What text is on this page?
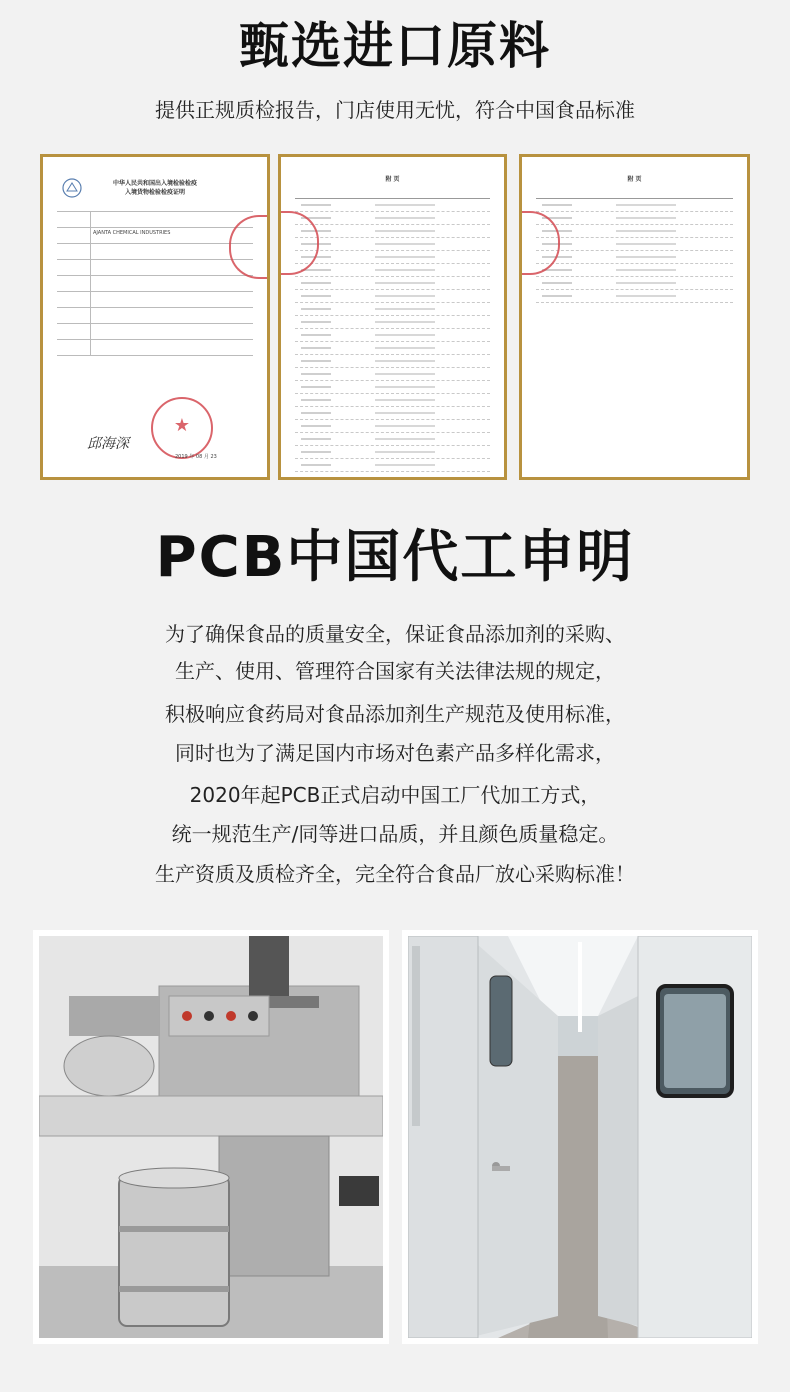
甄选进口原料
提供正规质检报告，门店使用无忧，符合中国食品标准
中华人民共和国出入境检验检疫
入境货物检验检疫证明
AJANTA CHEMICAL INDUSTRIES
★
邱海深
2019 年 08 月 23
附 页	附 页
PCB中国代工申明
为了确保食品的质量安全，保证食品添加剂的采购、
生产、使用、管理符合国家有关法律法规的规定，
积极响应食药局对食品添加剂生产规范及使用标准，
同时也为了满足国内市场对色素产品多样化需求，
2020年起PCB正式启动中国工厂代加工方式，
统一规范生产/同等进口品质，并且颜色质量稳定。
生产资质及质检齐全，完全符合食品厂放心采购标准！
